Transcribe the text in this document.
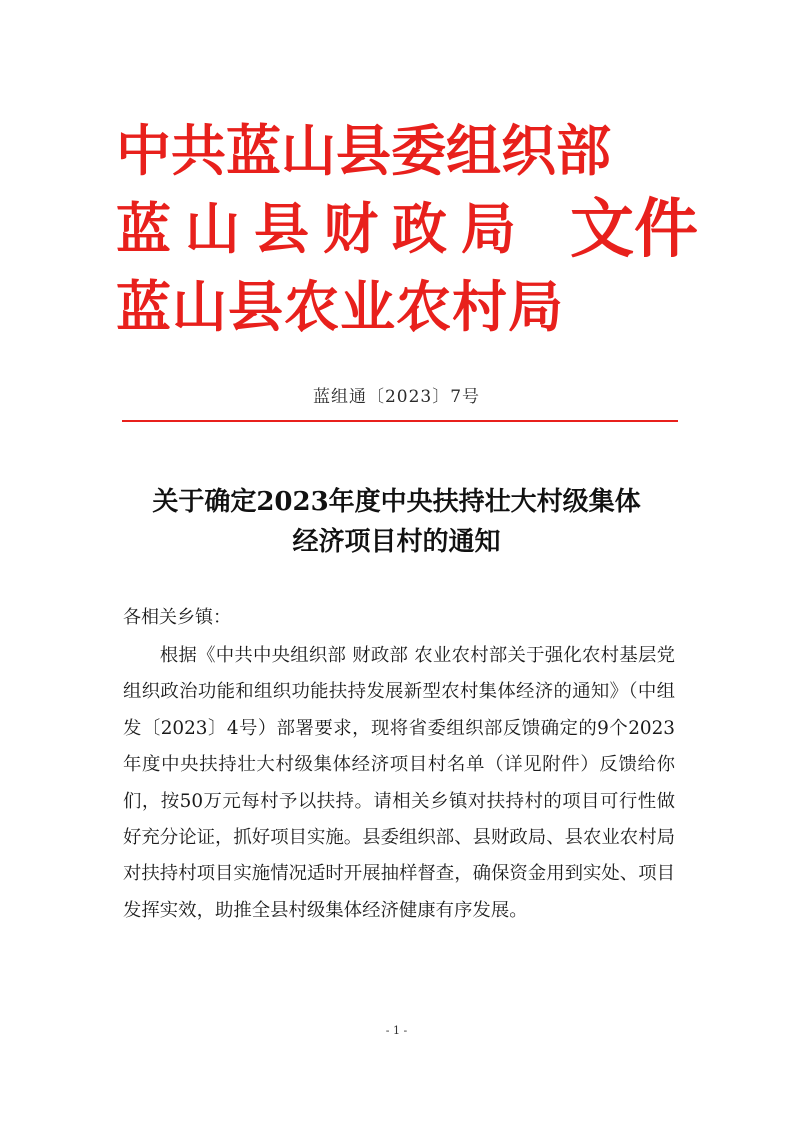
中共蓝山县委组织部
蓝 山 县 财 政 局
蓝山县农业农村局
文件
蓝组通〔2023〕7号
关于确定2023年度中央扶持壮大村级集体
经济项目村的通知
各相关乡镇：
根据《中共中央组织部 财政部 农业农村部关于强化农村基层党组织政治功能和组织功能扶持发展新型农村集体经济的通知》（中组发〔2023〕4号）部署要求，现将省委组织部反馈确定的9个2023年度中央扶持壮大村级集体经济项目村名单（详见附件）反馈给你们，按50万元每村予以扶持。请相关乡镇对扶持村的项目可行性做好充分论证，抓好项目实施。县委组织部、县财政局、县农业农村局对扶持村项目实施情况适时开展抽样督查，确保资金用到实处、项目发挥实效，助推全县村级集体经济健康有序发展。
- 1 -
